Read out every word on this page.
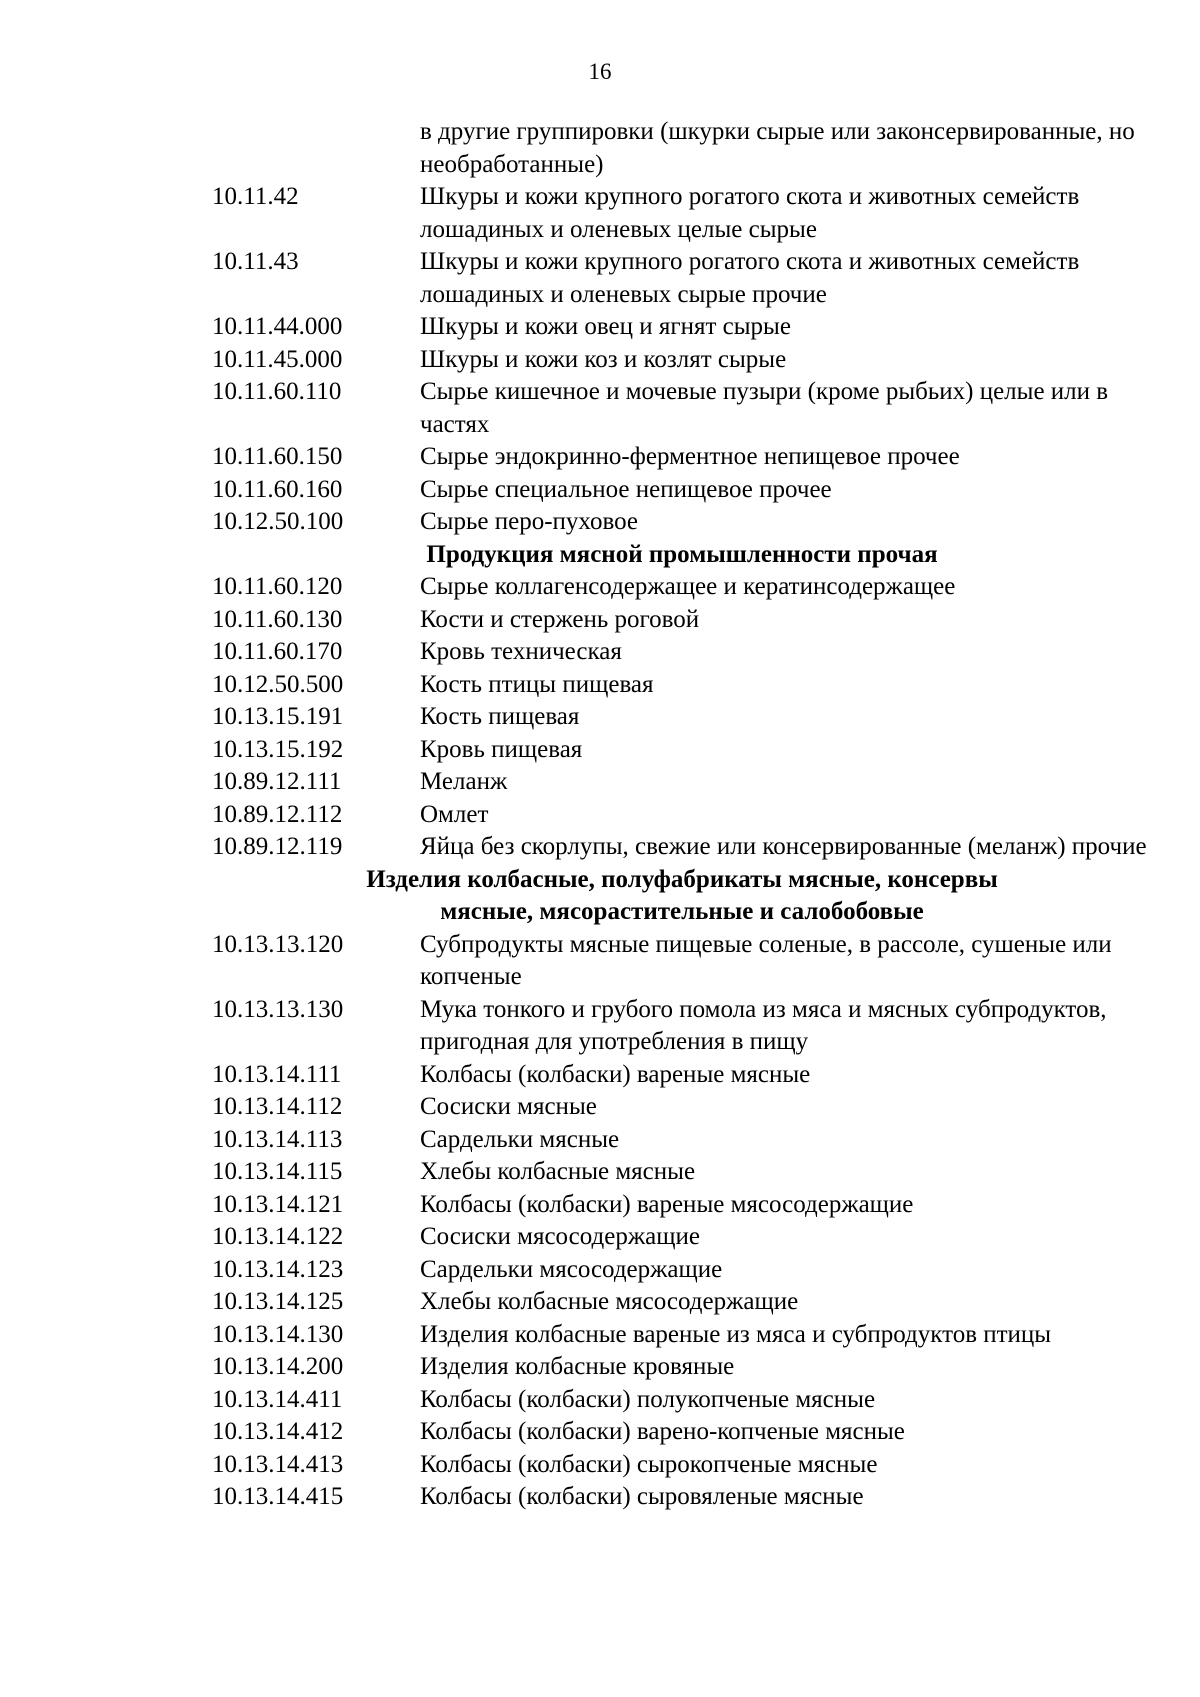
16
в другие группировки (шкурки сырые или законсервированные, но необработанные)
10.11.42	Шкуры и кожи крупного рогатого скота и животных семейств лошадиных и оленевых целые сырые
10.11.43	Шкуры и кожи крупного рогатого скота и животных семейств лошадиных и оленевых сырые прочие
10.11.44.000	Шкуры и кожи овец и ягнят сырые
10.11.45.000	Шкуры и кожи коз и козлят сырые
10.11.60.110	Сырье кишечное и мочевые пузыри (кроме рыбьих) целые или в частях
10.11.60.150	Сырье эндокринно-ферментное непищевое прочее
10.11.60.160	Сырье специальное непищевое прочее
10.12.50.100	Сырье перо-пуховое
Продукция мясной промышленности прочая
10.11.60.120	Сырье коллагенсодержащее и кератинсодержащее
10.11.60.130	Кости и стержень роговой
10.11.60.170	Кровь техническая
10.12.50.500	Кость птицы пищевая
10.13.15.191	Кость пищевая
10.13.15.192	Кровь пищевая
10.89.12.111	Меланж
10.89.12.112	Омлет
10.89.12.119	Яйца без скорлупы, свежие или консервированные (меланж) прочие
Изделия колбасные, полуфабрикаты мясные, консервы мясные, мясорастительные и салобобовые
10.13.13.120	Субпродукты мясные пищевые соленые, в рассоле, сушеные или копченые
10.13.13.130	Мука тонкого и грубого помола из мяса и мясных субпродуктов, пригодная для употребления в пищу
10.13.14.111	Колбасы (колбаски) вареные мясные
10.13.14.112	Сосиски мясные
10.13.14.113	Сардельки мясные
10.13.14.115	Хлебы колбасные мясные
10.13.14.121	Колбасы (колбаски) вареные мясосодержащие
10.13.14.122	Сосиски мясосодержащие
10.13.14.123	Сардельки мясосодержащие
10.13.14.125	Хлебы колбасные мясосодержащие
10.13.14.130	Изделия колбасные вареные из мяса и субпродуктов птицы
10.13.14.200	Изделия колбасные кровяные
10.13.14.411	Колбасы (колбаски) полукопченые мясные
10.13.14.412	Колбасы (колбаски) варено-копченые мясные
10.13.14.413	Колбасы (колбаски) сырокопченые мясные
10.13.14.415	Колбасы (колбаски) сыровяленые мясные
